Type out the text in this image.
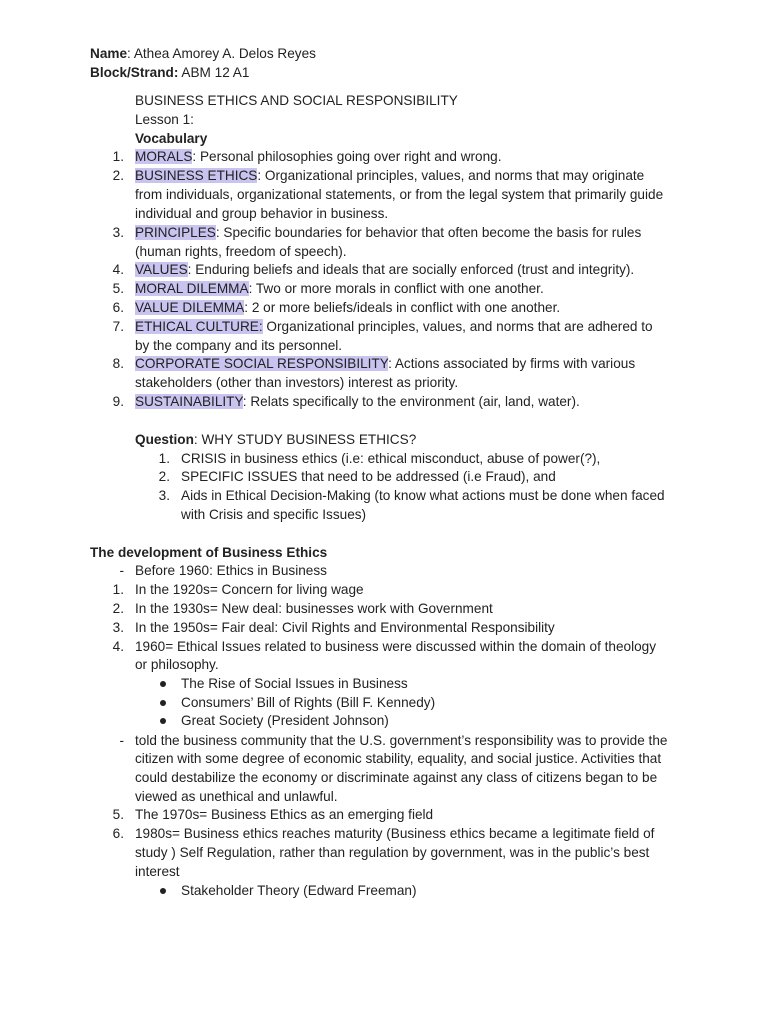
Name: Athea Amorey A. Delos Reyes
Block/Strand: ABM 12 A1
BUSINESS ETHICS AND SOCIAL RESPONSIBILITY
Lesson 1:
Vocabulary
1. MORALS: Personal philosophies going over right and wrong.
2. BUSINESS ETHICS: Organizational principles, values, and norms that may originate
from individuals, organizational statements, or from the legal system that primarily guide
individual and group behavior in business.
3. PRINCIPLES: Specific boundaries for behavior that often become the basis for rules
(human rights, freedom of speech).
4. VALUES: Enduring beliefs and ideals that are socially enforced (trust and integrity).
5. MORAL DILEMMA: Two or more morals in conflict with one another.
6. VALUE DILEMMA: 2 or more beliefs/ideals in conflict with one another.
7. ETHICAL CULTURE: Organizational principles, values, and norms that are adhered to
by the company and its personnel.
8. CORPORATE SOCIAL RESPONSIBILITY: Actions associated by firms with various
stakeholders (other than investors) interest as priority.
9. SUSTAINABILITY: Relats specifically to the environment (air, land, water).
Question: WHY STUDY BUSINESS ETHICS?
1. CRISIS in business ethics (i.e: ethical misconduct, abuse of power(?),
2. SPECIFIC ISSUES that need to be addressed (i.e Fraud), and
3. Aids in Ethical Decision-Making (to know what actions must be done when faced
with Crisis and specific Issues)
The development of Business Ethics
- Before 1960: Ethics in Business
1. In the 1920s= Concern for living wage
2. In the 1930s= New deal: businesses work with Government
3. In the 1950s= Fair deal: Civil Rights and Environmental Responsibility
4. 1960= Ethical Issues related to business were discussed within the domain of theology
or philosophy.
The Rise of Social Issues in Business
Consumers’ Bill of Rights (Bill F. Kennedy)
Great Society (President Johnson)
- told the business community that the U.S. government’s responsibility was to provide the
citizen with some degree of economic stability, equality, and social justice. Activities that
could destabilize the economy or discriminate against any class of citizens began to be
viewed as unethical and unlawful.
5. The 1970s= Business Ethics as an emerging field
6. 1980s= Business ethics reaches maturity (Business ethics became a legitimate field of
study ) Self Regulation, rather than regulation by government, was in the public’s best
interest
Stakeholder Theory (Edward Freeman)
